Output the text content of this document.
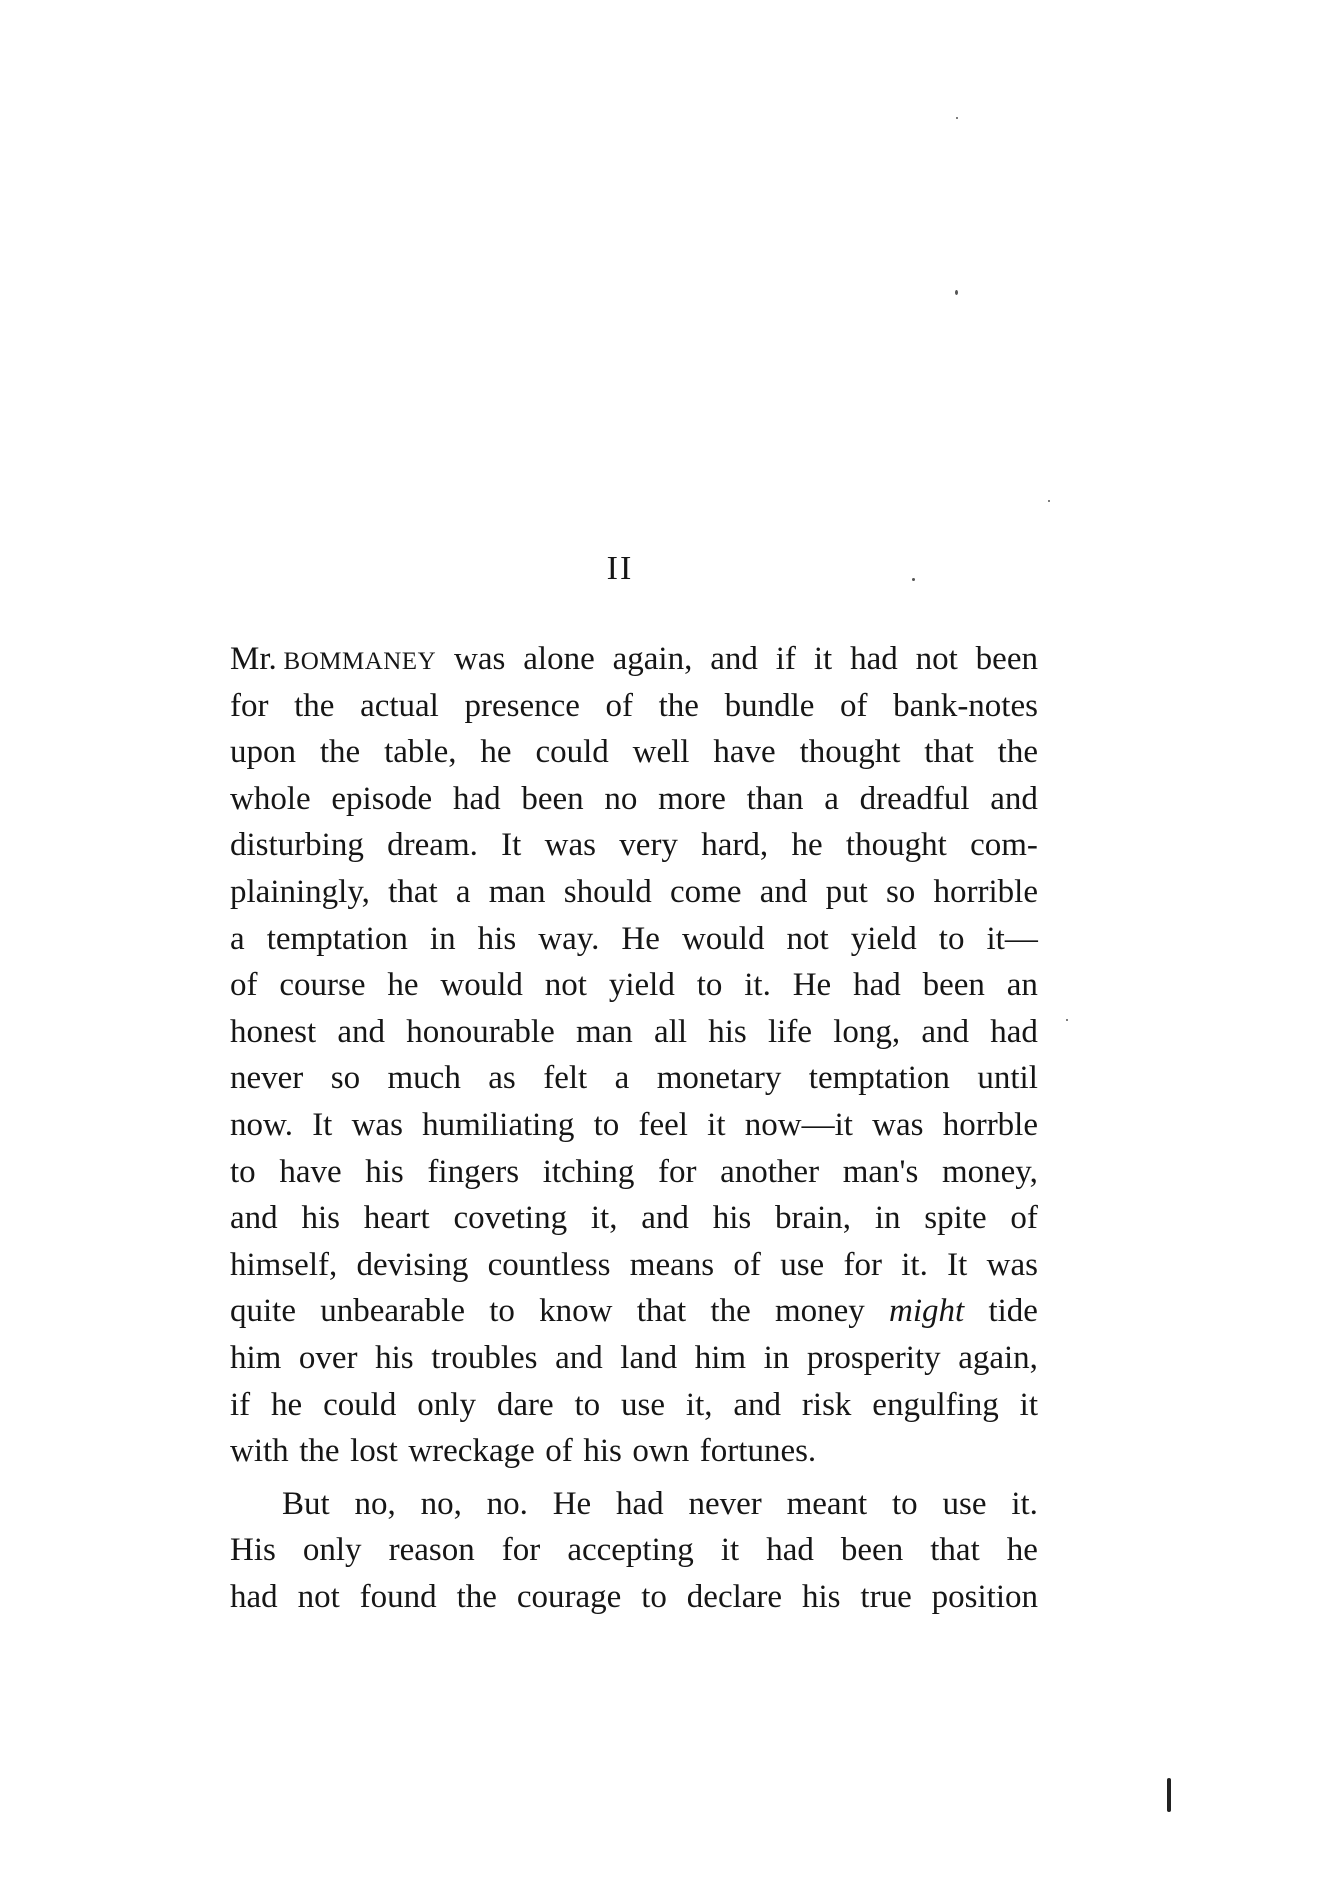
II
Mr. BOMMANEY was alone again, and if it had not been
for the actual presence of the bundle of bank-notes
upon the table, he could well have thought that the
whole episode had been no more than a dreadful and
disturbing dream. It was very hard, he thought com-
plainingly, that a man should come and put so horrible
a temptation in his way. He would not yield to it—
of course he would not yield to it. He had been an
honest and honourable man all his life long, and had
never so much as felt a monetary temptation until
now. It was humiliating to feel it now—it was horrble
to have his fingers itching for another man's money,
and his heart coveting it, and his brain, in spite of
himself, devising countless means of use for it. It was
quite unbearable to know that the money might tide
him over his troubles and land him in prosperity again,
if he could only dare to use it, and risk engulfing it
with the lost wreckage of his own fortunes.
But no, no, no. He had never meant to use it.
His only reason for accepting it had been that he
had not found the courage to declare his true position
